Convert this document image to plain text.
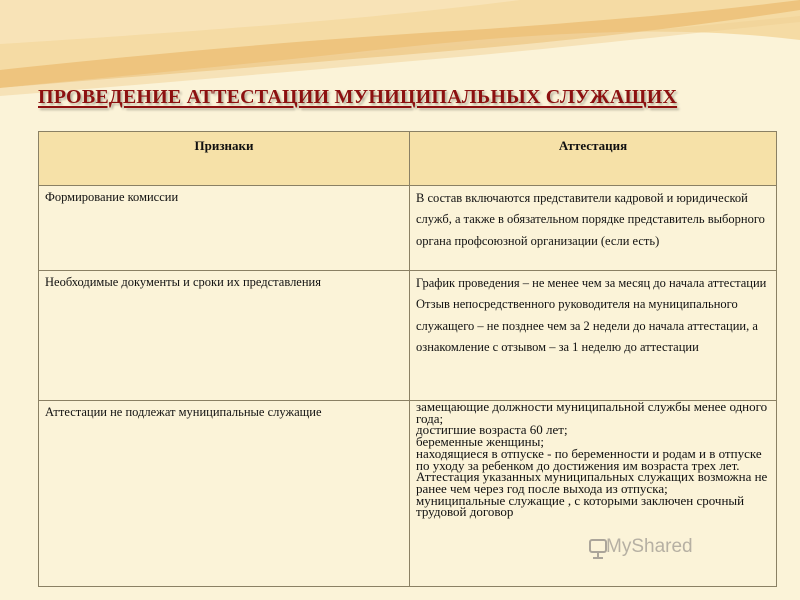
ПРОВЕДЕНИЕ АТТЕСТАЦИИ МУНИЦИПАЛЬНЫХ СЛУЖАЩИХ
Признаки	Аттестация
Формирование комиссии	В состав включаются представители кадровой и юридической служб, а также в обязательном порядке представитель выборного органа профсоюзной организации (если есть)

Необходимые документы и сроки их представления	График проведения – не менее чем за месяц до начала аттестации
Отзыв непосредственного руководителя на муниципального служащего – не позднее чем за 2 недели до начала аттестации, а ознакомление с отзывом – за 1 неделю до аттестации

Аттестации не подлежат муниципальные служащие	замещающие должности муниципальной службы менее одного года;
достигшие возраста 60 лет;
беременные женщины;
находящиеся в отпуске - по беременности и родам и в отпуске по уходу за ребенком до достижения им возраста трех лет. Аттестация указанных муниципальных служащих возможна не ранее чем через год после выхода из отпуска;
муниципальные служащие , с которыми заключен срочный трудовой договор
MyShared
